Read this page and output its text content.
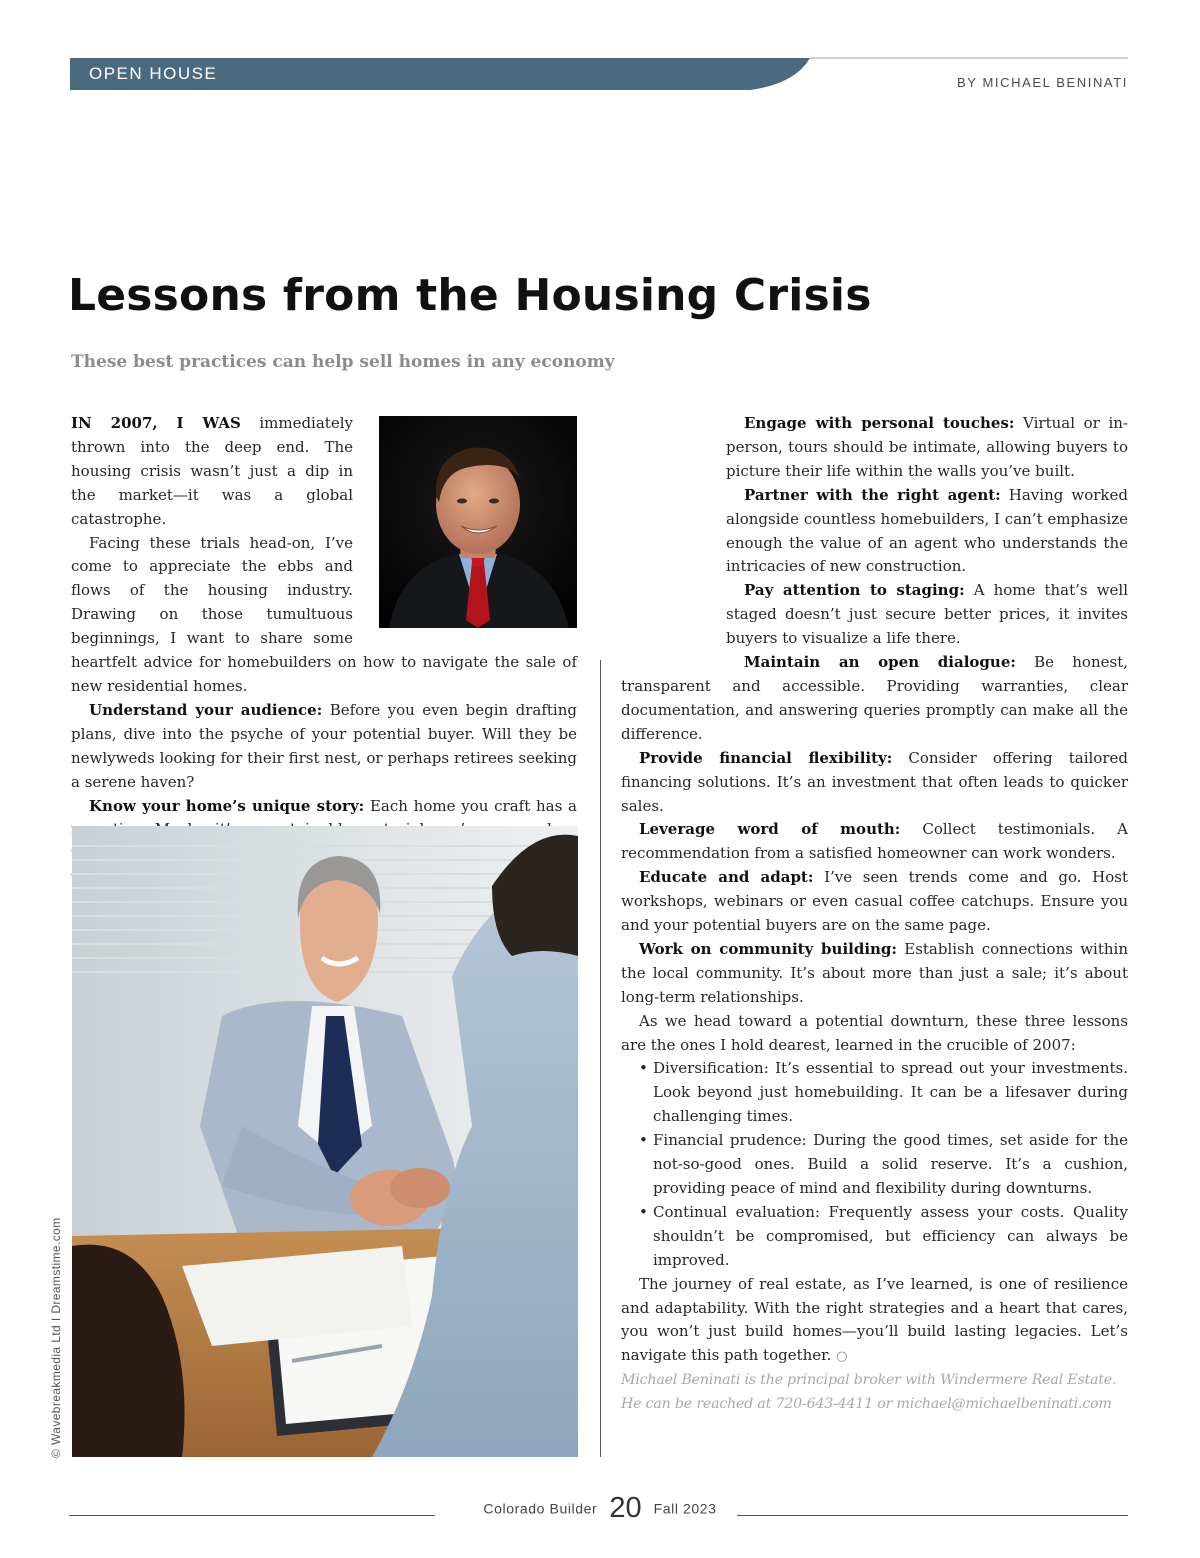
OPEN HOUSE	BY MICHAEL BENINATI
Lessons from the Housing Crisis
These best practices can help sell homes in any economy

IN 2007, I WAS immediately thrown into the deep end. The housing crisis wasn’t just a dip in the market—it was a global catastrophe.

Facing these trials head-on, I’ve come to appreciate the ebbs and flows of the housing industry. Drawing on those tumultuous beginnings, I want to share some heartfelt advice for homebuilders on how to navigate the sale of new residential homes.

Understand your audience: Before you even begin drafting plans, dive into the psyche of your potential buyer. Will they be newlyweds looking for their first nest, or perhaps retirees seeking a serene haven?

Know your home’s unique story: Each home you craft has a

© Wavebreakmedia Ltd I Dreamstime.com

Engage with personal touches: Virtual or in-person, tours should be intimate, allowing buyers to picture their life within the walls you’ve built.

Partner with the right agent: Having worked alongside countless homebuilders, I can’t emphasize enough the value of an agent who understands the intricacies of new construction.

Pay attention to staging: A home that’s well staged doesn’t just secure better prices, it invites buyers to visualize a life there.

Maintain an open dialogue: Be honest, transparent and accessible. Providing warranties, clear documentation, and answering queries promptly can make all the difference.

Provide financial flexibility: Consider offering tailored financing solutions. It’s an investment that often leads to quicker sales.

Leverage word of mouth: Collect testimonials. A recommendation from a satisfied homeowner can work wonders.

Educate and adapt: I’ve seen trends come and go. Host workshops, webinars or even casual coffee catchups. Ensure you and your potential buyers are on the same page.

Work on community building: Establish connections within the local community. It’s about more than just a sale; it’s about long-term relationships.

As we head toward a potential downturn, these three lessons are the ones I hold dearest, learned in the crucible of 2007:

• Diversification: It’s essential to spread out your investments. Look beyond just homebuilding. It can be a lifesaver during challenging times.
• Financial prudence: During the good times, set aside for the not-so-good ones. Build a solid reserve. It’s a cushion, providing peace of mind and flexibility during downturns.
• Continual evaluation: Frequently assess your costs. Quality shouldn’t be compromised, but efficiency can always be improved.

The journey of real estate, as I’ve learned, is one of resilience and adaptability. With the right strategies and a heart that cares, you won’t just build homes—you’ll build lasting legacies. Let’s navigate this path together. ○

Michael Beninati is the principal broker with Windermere Real Estate.
He can be reached at 720-643-4411 or michael@michaelbeninati.com
Colorado Builder 20 Fall 2023
